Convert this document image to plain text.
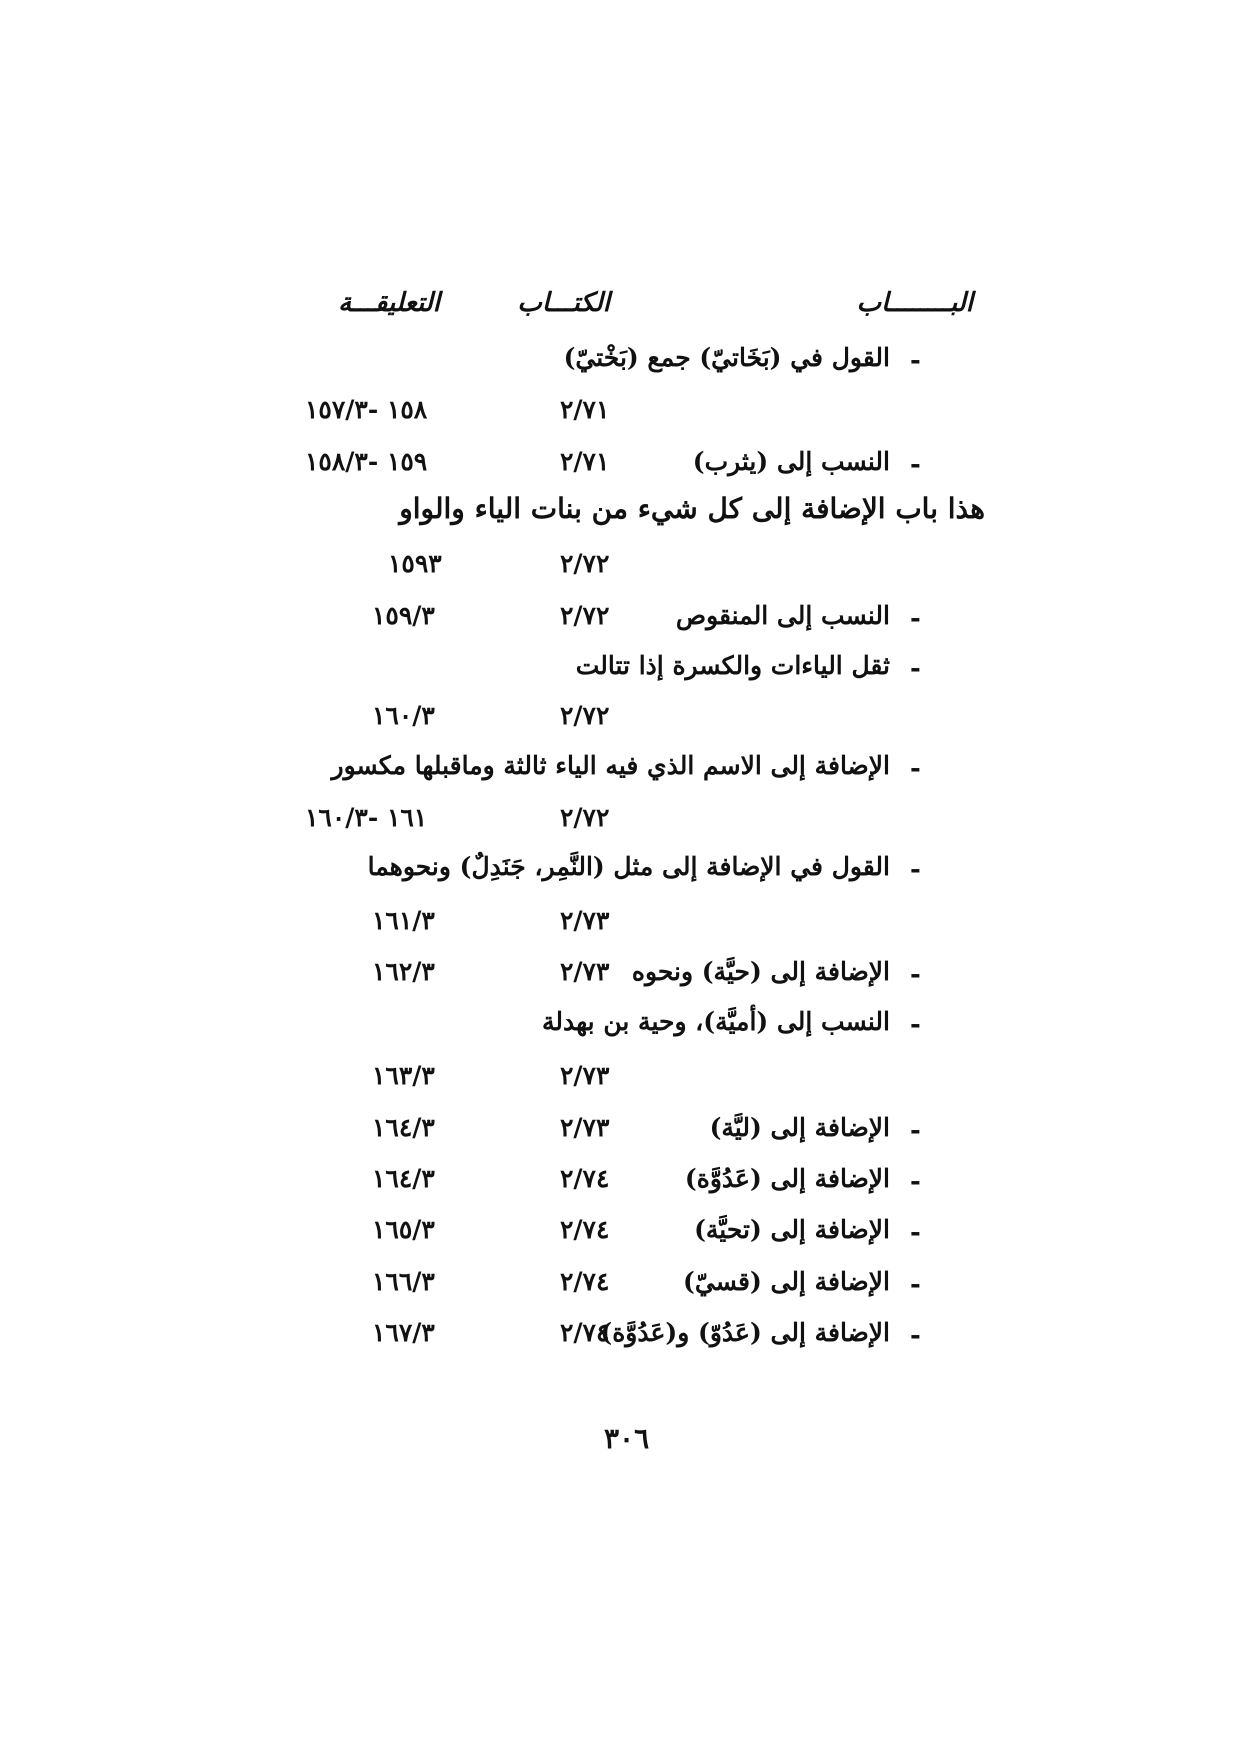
البــــــــاب
الكتـــاب
التعليقـــة
-
القول في (بَخَاتيّ) جمع (بَخْتيّ)
٢/٧١
١٥٨ -١٥٧/٣
-
النسب إلى (يثرب)
٢/٧١
١٥٩ -١٥٨/٣
هذا باب الإضافة إلى كل شيء من بنات الياء والواو
٢/٧٢
١٥٩٣
-
النسب إلى المنقوص
٢/٧٢
١٥٩/٣
-
ثقل الياءات والكسرة إذا تتالت
٢/٧٢
١٦٠/٣
-
الإضافة إلى الاسم الذي فيه الياء ثالثة وماقبلها مكسور
٢/٧٢
١٦١ -١٦٠/٣
-
القول في الإضافة إلى مثل (النَّمِر، جَنَدِلٌ) ونحوهما
٢/٧٣
١٦١/٣
-
الإضافة إلى (حيَّة) ونحوه
٢/٧٣
١٦٢/٣
-
النسب إلى (أميَّة)، وحية بن بهدلة
٢/٧٣
١٦٣/٣
-
الإضافة إلى (ليَّة)
٢/٧٣
١٦٤/٣
-
الإضافة إلى (عَدُوَّة)
٢/٧٤
١٦٤/٣
-
الإضافة إلى (تحيَّة)
٢/٧٤
١٦٥/٣
-
الإضافة إلى (قسيّ)
٢/٧٤
١٦٦/٣
-
الإضافة إلى (عَدُوّ) و(عَدُوَّة)
٢/٧٤
١٦٧/٣
٣٠٦
